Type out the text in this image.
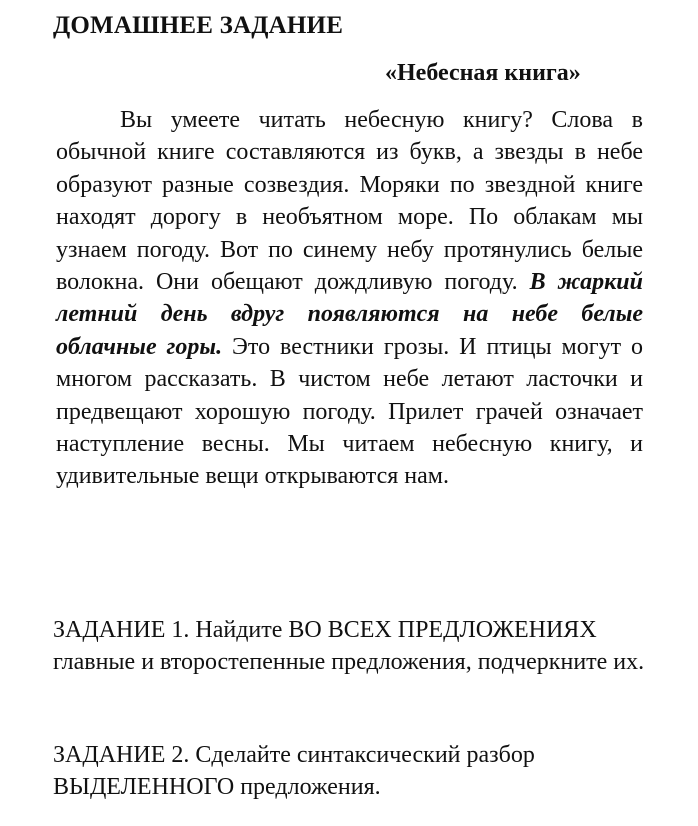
ДОМАШНЕЕ ЗАДАНИЕ
«Небесная книга»

Вы умеете читать небесную книгу? Слова в обычной книге составляются из букв, а звезды в небе образуют разные созвездия. Моряки по звездной книге находят дорогу в необъятном море. По облакам мы узнаем погоду. Вот по синему небу протянулись белые волокна. Они обещают дождливую погоду. В жаркий летний день вдруг появляются на небе белые облачные горы. Это вестники грозы. И птицы могут о многом рассказать. В чистом небе летают ласточки и предвещают хорошую погоду. Прилет грачей означает наступление весны. Мы читаем небесную книгу, и удивительные вещи открываются нам.

ЗАДАНИЕ 1. Найдите ВО ВСЕХ ПРЕДЛОЖЕНИЯХ главные и второстепенные предложения, подчеркните их.

ЗАДАНИЕ 2. Сделайте синтаксический разбор ВЫДЕЛЕННОГО предложения.
